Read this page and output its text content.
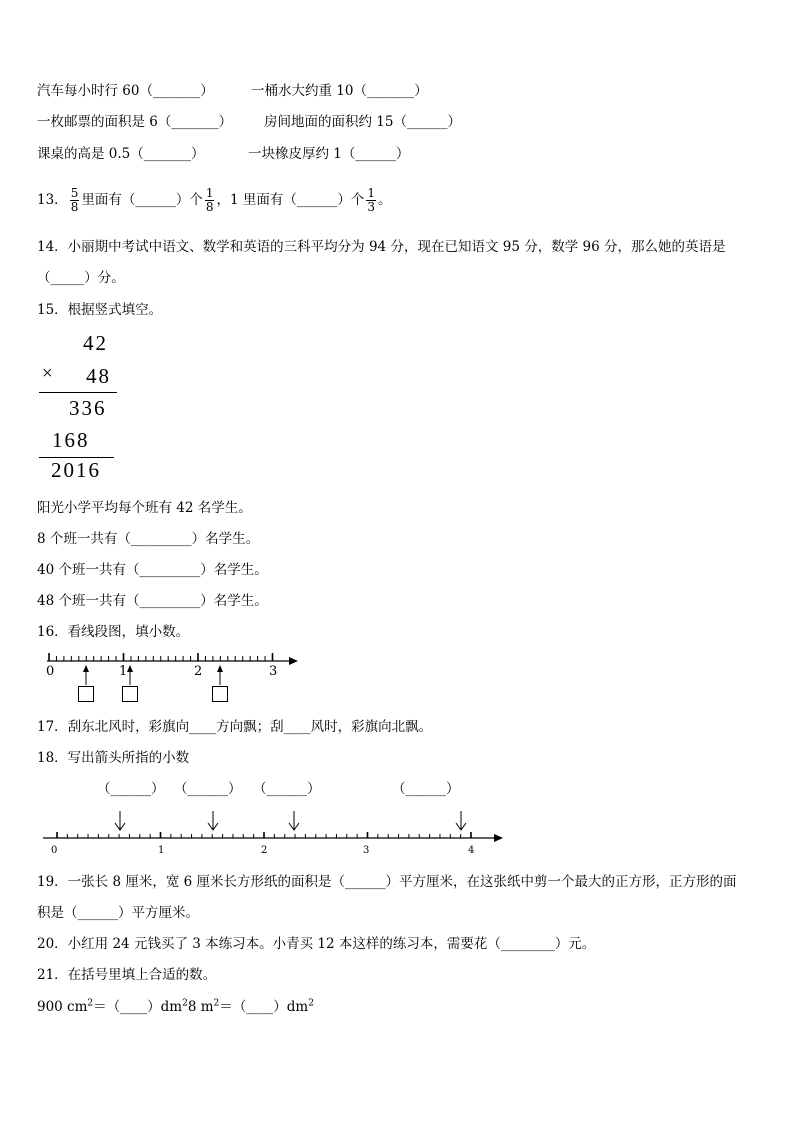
汽车每小时行 60（_______）	一桶水大约重 10（_______）
一枚邮票的面积是 6（_______） 房间地面的面积约 15（______）
课桌的高是 0.5（_______）	一块橡皮厚约 1（______）
13． $\frac{5}{8}$ 里面有（______）个 $\frac{1}{8}$ ，1 里面有（______）个 $\frac{1}{3}$ 。
14．小丽期中考试中语文、数学和英语的三科平均分为 94 分，现在已知语文 95 分，数学 96 分，那么她的英语是
（_____）分。
15．根据竖式填空。
42
× 48
336
168
2016
阳光小学平均每个班有 42 名学生。
8 个班一共有（_________）名学生。
40 个班一共有（_________）名学生。
48 个班一共有（_________）名学生。
16．看线段图，填小数。
0	1	2	3
17．刮东北风时，彩旗向____方向飘；刮____风时，彩旗向北飘。
18．写出箭头所指的小数
（______） （______） （______）	（______）
0	1	2	3	4
19．一张长 8 厘米，宽 6 厘米长方形纸的面积是（______）平方厘米，在这张纸中剪一个最大的正方形，正方形的面
积是（______）平方厘米。
20．小红用 24 元钱买了 3 本练习本。小青买 12 本这样的练习本，需要花（________）元。
21．在括号里填上合适的数。
900 $cm^2=(\_\_\_\_)dm^28$ $m^2=(\_\_\_\_)dm^2$
